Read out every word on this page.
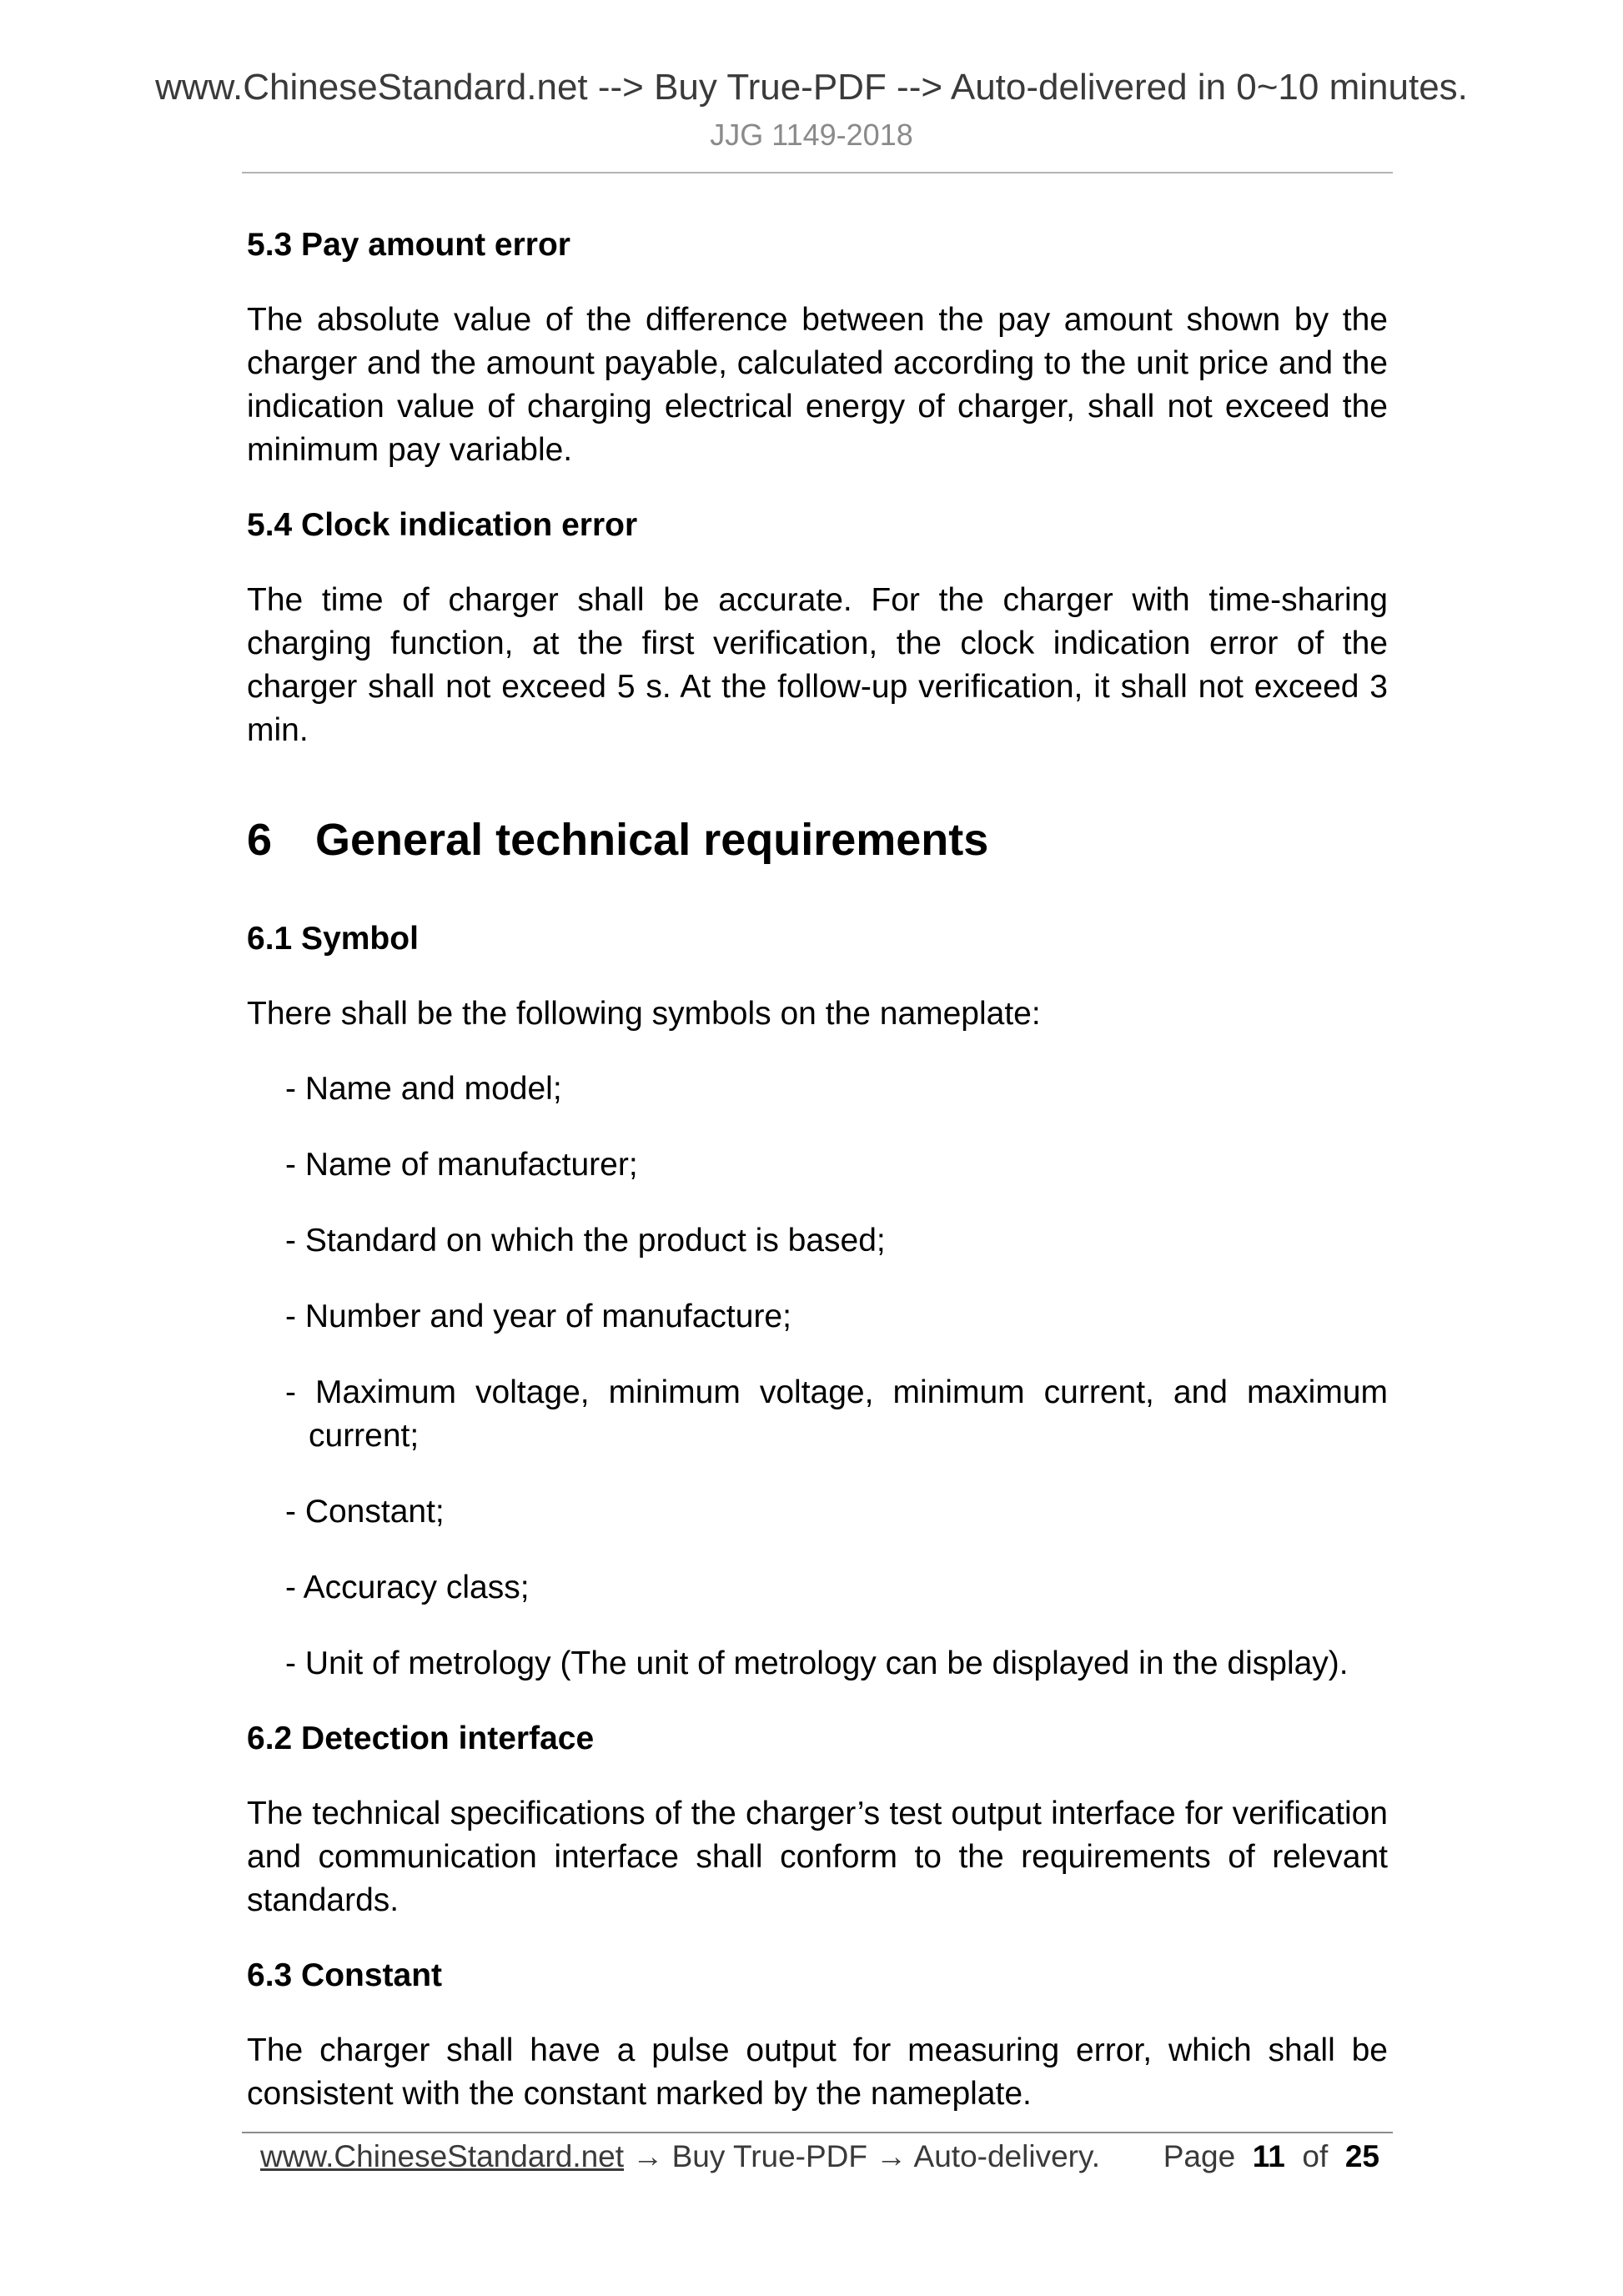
www.ChineseStandard.net --> Buy True-PDF --> Auto-delivered in 0~10 minutes.
JJG 1149-2018
5.3 Pay amount error

The absolute value of the difference between the pay amount shown by the charger and the amount payable, calculated according to the unit price and the indication value of charging electrical energy of charger, shall not exceed the minimum pay variable.

5.4 Clock indication error

The time of charger shall be accurate. For the charger with time-sharing charging function, at the first verification, the clock indication error of the charger shall not exceed 5 s. At the follow-up verification, it shall not exceed 3 min.

6 General technical requirements
6.1 Symbol

There shall be the following symbols on the nameplate:

- Name and model;
- Name of manufacturer;
- Standard on which the product is based;
- Number and year of manufacture;
- Maximum voltage, minimum voltage, minimum current, and maximum current;
- Constant;
- Accuracy class;
- Unit of metrology (The unit of metrology can be displayed in the display).
6.2 Detection interface

The technical specifications of the charger’s test output interface for verification and communication interface shall conform to the requirements of relevant standards.

6.3 Constant

The charger shall have a pulse output for measuring error, which shall be consistent with the constant marked by the nameplate.

www.ChineseStandard.net → Buy True-PDF → Auto-delivery. Page 11 of 25
